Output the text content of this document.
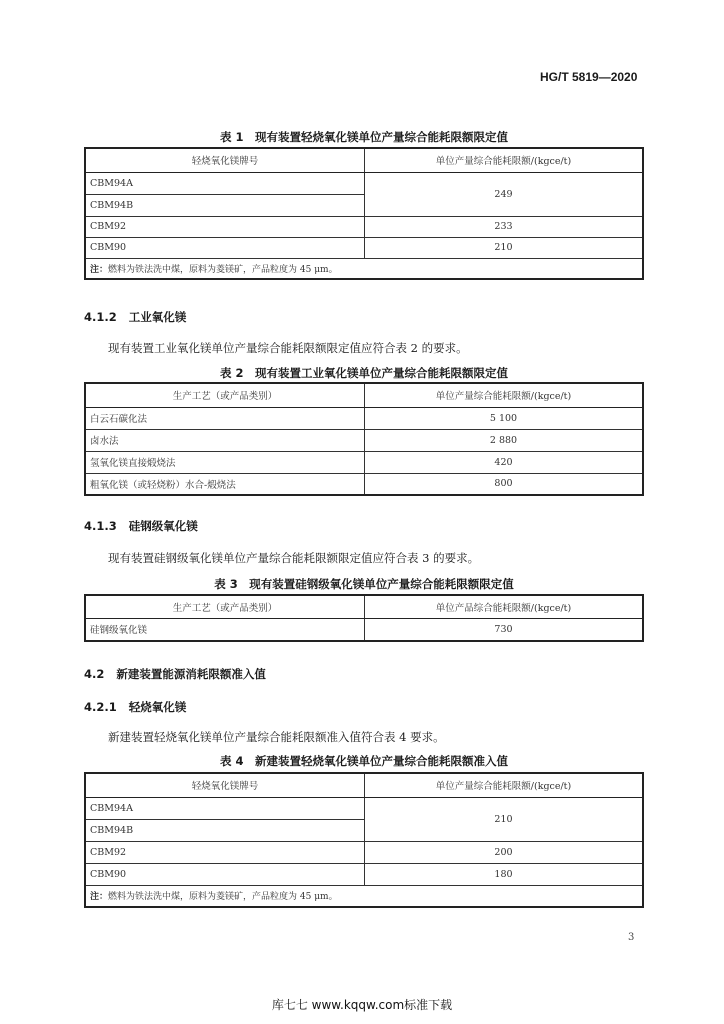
HG/T 5819—2020
表 1　现有装置轻烧氧化镁单位产量综合能耗限额限定值
轻烧氧化镁牌号	单位产量综合能耗限额/(kgce/t)
CBM94A	249
CBM94B	
CBM92	233
CBM90	210
注：燃料为铁法洗中煤，原料为菱镁矿，产品粒度为 45 μm。	
4.1.2 工业氧化镁
现有装置工业氧化镁单位产量综合能耗限额限定值应符合表 2 的要求。
表 2　现有装置工业氧化镁单位产量综合能耗限额限定值
生产工艺（或产品类别）	单位产量综合能耗限额/(kgce/t)
白云石碳化法	5 100
卤水法	2 880
氢氧化镁直接煅烧法	420
粗氧化镁（或轻烧粉）水合-煅烧法	800
4.1.3 硅钢级氧化镁
现有装置硅钢级氧化镁单位产量综合能耗限额限定值应符合表 3 的要求。
表 3　现有装置硅钢级氧化镁单位产量综合能耗限额限定值
生产工艺（或产品类别）	单位产品综合能耗限额/(kgce/t)
硅钢级氧化镁	730
4.2 新建装置能源消耗限额准入值
4.2.1 轻烧氧化镁
新建装置轻烧氧化镁单位产量综合能耗限额准入值符合表 4 要求。
表 4　新建装置轻烧氧化镁单位产量综合能耗限额准入值
轻烧氧化镁牌号	单位产量综合能耗限额/(kgce/t)
CBM94A	210
CBM94B	
CBM92	200
CBM90	180
注：燃料为铁法洗中煤，原料为菱镁矿，产品粒度为 45 μm。	
3
库七七 www.kqqw.com标准下载
